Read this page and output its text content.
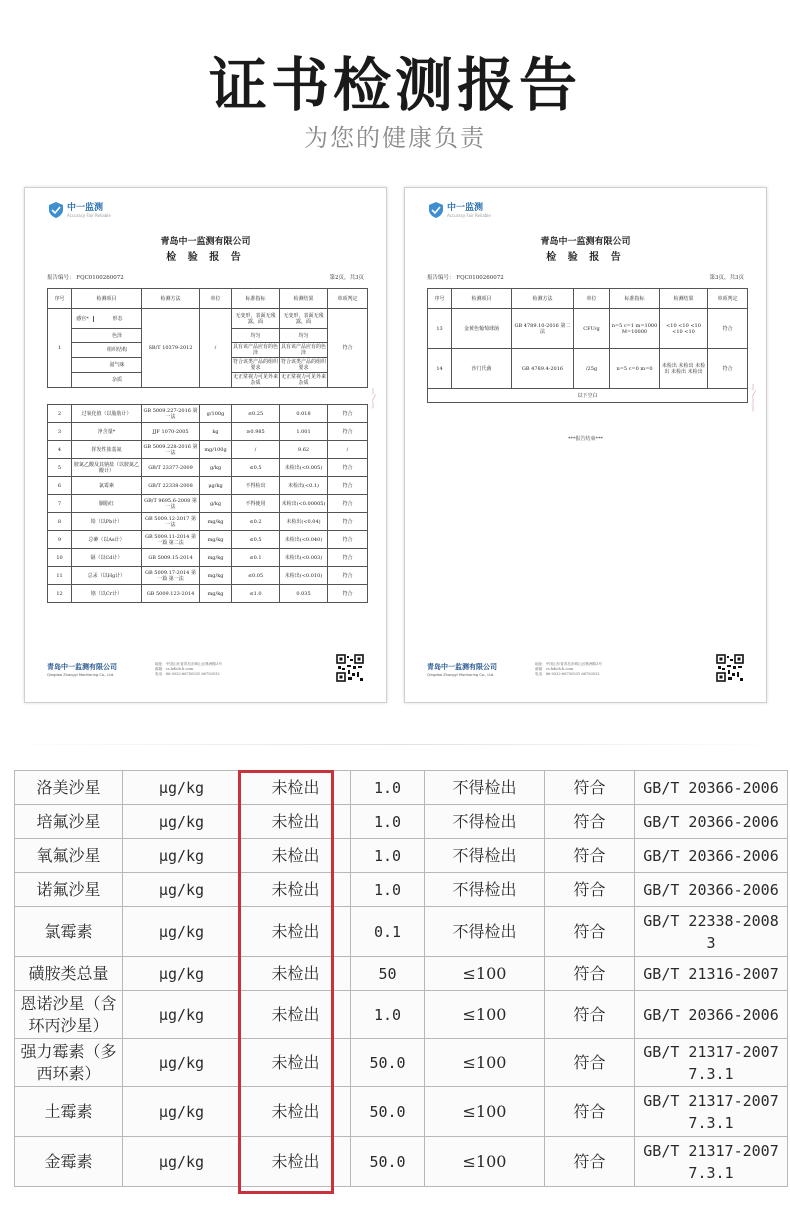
证书检测报告
为您的健康负责
中一监测
Accuracy Fair Reliable
青岛中一监测有限公司
检 验 报 告
报告编号： FQC0100260072	第2页，共3页
序号	检测项目	检测方法	单位	标准指标	检测结果	单项判定
1	感官* 形态	SB/T 10379-2012	/	无变形，表面无残露，面	无变形，表面无残露，面	符合
	色泽			均匀	均匀	
	组织结构			具有该产品应有的色泽	具有该产品应有的色泽	
	滋气味			符合该类产品的组织要求	符合该类产品的组织要求	
	杂质			无正常视力可见外来杂质	无正常视力可见外来杂质	
2	过氧化值（以脂肪计）	GB 5009.227-2016 第一法	g/100g	≤0.25	0.018	符合
3	净含量*	JJF 1070-2005	kg	≥0.985	1.001	符合
4	挥发性盐基氮	GB 5009.228-2016 第一法	mg/100g	/	9.62	/
5	胺氮乙酸及其钠盐（以胺氮乙酸计）	GB/T 23377-2009	g/kg	≤0.5	未检出(<0.005)	符合
6	氯霉素	GB/T 22338-2008	μg/kg	不得检出	未检出(<0.1)	符合
7	胭脂红	GB/T 9695.6-2008 第一法	g/kg	不得使用	未检出(<0.00005)	符合
8	铅（以Pb计）	GB 5009.12-2017 第一法	mg/kg	≤0.2	未检出(<0.04)	符合
9	总砷（以As计）	GB 5009.11-2014 第一篇 第二法	mg/kg	≤0.5	未检出(<0.040)	符合
10	镉（以Cd计）	GB 5009.15-2014	mg/kg	≤0.1	未检出(<0.003)	符合
11	总汞（以Hg计）	GB 5009.17-2014 第一篇 第一法	mg/kg	≤0.05	未检出(<0.010)	符合
12	铬（以Cr计）	GB 5009.123-2014	mg/kg	≤1.0	0.035	符合
|
╱
|
青岛中一监测有限公司
Qingdao Zhongyi Monitoring Co., Ltd.
地址：中国山东省青岛市崂山区株洲路3号
邮箱：cs.hdich.h.com
电话：86-0532-66750531 66750532
中一监测
Accuracy Fair Reliable
青岛中一监测有限公司
检 验 报 告
报告编号： FQC0100260072	第3页，共3页
序号	检测项目	检测方法	单位	标准指标	检测结果	单项判定
13	金黄色葡萄球菌	GB 4789.10-2016 第二法	CFU/g	n=5 c=1 m=1000 M=10000	<10 <10 <10 <10 <10	符合
14	沙门氏菌	GB 4789.4-2016	/25g	n=5 c=0 m=0	未检出 未检出 未检出 未检出 未检出	符合
以下空白						
***报告结束***
|
╱
|
|
青岛中一监测有限公司
Qingdao Zhongyi Monitoring Co., Ltd.
地址：中国山东省青岛市崂山区株洲路3号
邮箱：cs.hdich.h.com
电话：86-0532-66750531 66750532
洛美沙星	μg/kg	未检出	1.0	不得检出	符合	GB/T 20366-2006
培氟沙星	μg/kg	未检出	1.0	不得检出	符合	GB/T 20366-2006
氧氟沙星	μg/kg	未检出	1.0	不得检出	符合	GB/T 20366-2006
诺氟沙星	μg/kg	未检出	1.0	不得检出	符合	GB/T 20366-2006
氯霉素	μg/kg	未检出	0.1	不得检出	符合	GB/T 22338-2008 3
磺胺类总量	μg/kg	未检出	50	≤100	符合	GB/T 21316-2007
恩诺沙星（含环丙沙星）	μg/kg	未检出	1.0	≤100	符合	GB/T 20366-2006
强力霉素（多西环素）	μg/kg	未检出	50.0	≤100	符合	GB/T 21317-2007 7.3.1
土霉素	μg/kg	未检出	50.0	≤100	符合	GB/T 21317-2007 7.3.1
金霉素	μg/kg	未检出	50.0	≤100	符合	GB/T 21317-2007 7.3.1
